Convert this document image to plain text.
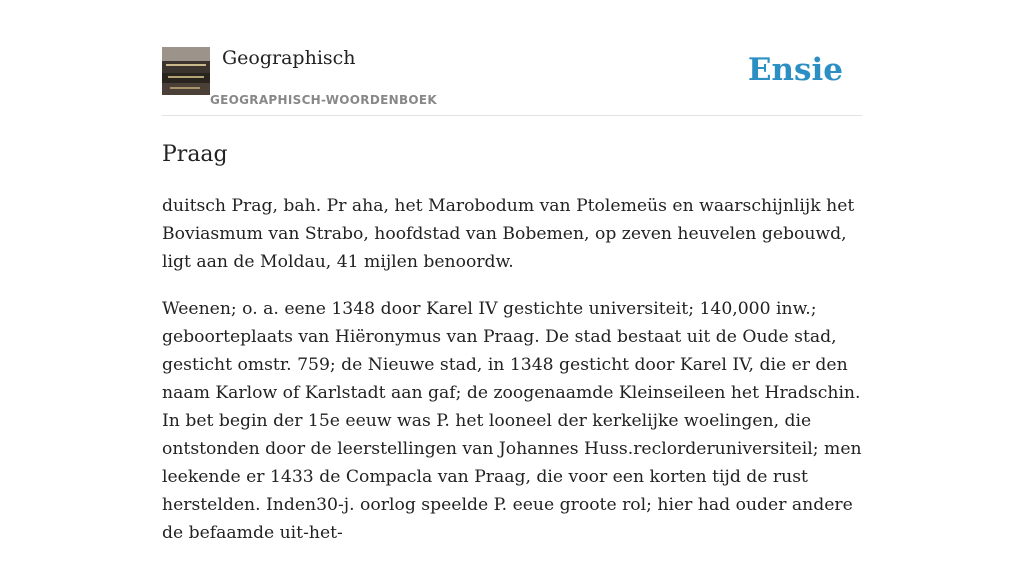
Geographisch
GEOGRAPHISCH-WOORDENBOEK
Ensie
Praag

duitsch Prag, bah. Pr aha, het Marobodum van Ptolemeüs en waarschijnlijk het Boviasmum van Strabo, hoofdstad van Bobemen, op zeven heuvelen gebouwd, ligt aan de Moldau, 41 mijlen benoordw.

Weenen; o. a. eene 1348 door Karel IV gestichte universiteit; 140,000 inw.; geboorteplaats van Hiëronymus van Praag. De stad bestaat uit de Oude stad, gesticht omstr. 759; de Nieuwe stad, in 1348 gesticht door Karel IV, die er den naam Karlow of Karlstadt aan gaf; de zoogenaamde Kleinseileen het Hradschin. In bet begin der 15e eeuw was P. het looneel der kerkelijke woelingen, die ontstonden door de leerstellingen van Johannes Huss.reclorderuniversiteil; men leekende er 1433 de Compacla van Praag, die voor een korten tijd de rust herstelden. Inden30-j. oorlog speelde P. eeue groote rol; hier had ouder andere de befaamde uit-het-
